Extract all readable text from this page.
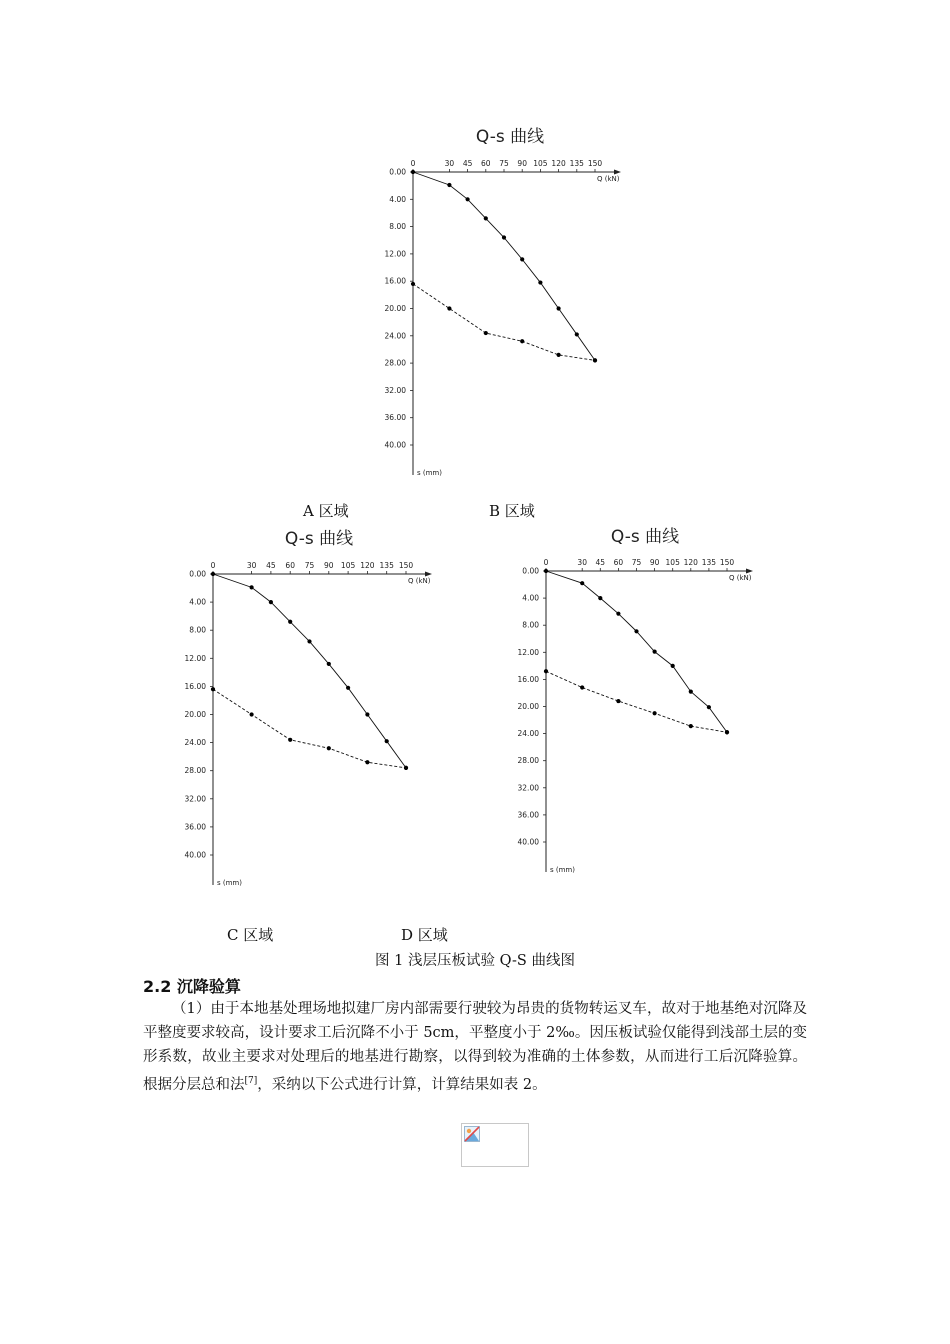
Q-s 曲线
0	30 45 60 75 90 105 120 135 150
0.00
4.00
8.00
12.00
16.00
20.00
24.00
28.00
32.00
36.00
40.00
Q (kN)
s (mm)
Q-s 曲线
0	30 45 60 75 90 105 120 135 150
0.00
4.00
8.00
12.00
16.00
20.00
24.00
28.00
32.00
36.00
40.00
Q (kN)
s (mm)
Q-s 曲线
0	30 45 60 75 90 105 120 135 150
0.00
4.00
8.00
12.00
16.00
20.00
24.00
28.00
32.00
36.00
40.00
Q (kN)
s (mm)
A 区域	B 区域
C 区域	D 区域
图 1 浅层压板试验 Q-S 曲线图
2.2 沉降验算
（1）由于本地基处理场地拟建厂房内部需要行驶较为昂贵的货物转运叉车，故对于地基绝对沉降及平整度要求较高，设计要求工后沉降不小于 5cm，平整度小于 2‰。因压板试验仅能得到浅部土层的变形系数，故业主要求对处理后的地基进行勘察，以得到较为准确的土体参数，从而进行工后沉降验算。根据分层总和法[7]，采纳以下公式进行计算，计算结果如表 2。
